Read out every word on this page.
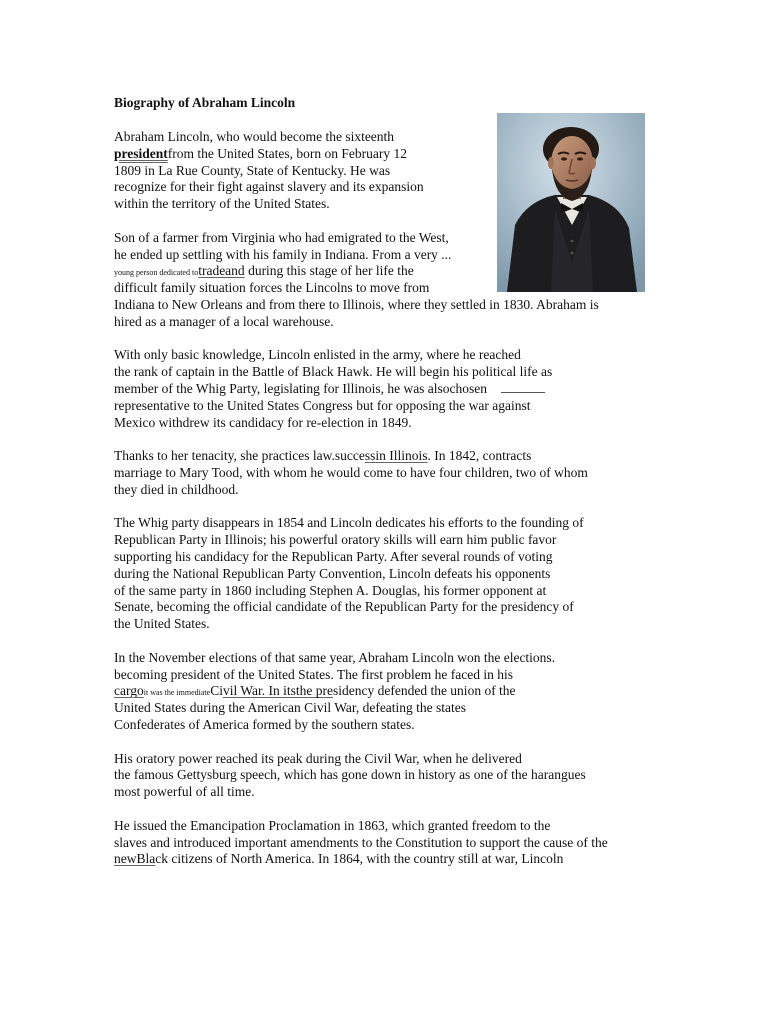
Biography of Abraham Lincoln
Abraham Lincoln, who would become the sixteenth
presidentfrom the United States, born on February 12
1809 in La Rue County, State of Kentucky. He was
recognize for their fight against slavery and its expansion
within the territory of the United States.
Son of a farmer from Virginia who had emigrated to the West,
he ended up settling with his family in Indiana. From a very ...
young person dedicated totradeand during this stage of her life the
difficult family situation forces the Lincolns to move from
Indiana to New Orleans and from there to Illinois, where they settled in 1830. Abraham is
hired as a manager of a local warehouse.
With only basic knowledge, Lincoln enlisted in the army, where he reached
the rank of captain in the Battle of Black Hawk. He will begin his political life as
member of the Whig Party, legislating for Illinois, he was alsochosen
representative to the United States Congress but for opposing the war against
Mexico withdrew its candidacy for re-election in 1849.
Thanks to her tenacity, she practices law.successin Illinois. In 1842, contracts
marriage to Mary Tood, with whom he would come to have four children, two of whom
they died in childhood.
The Whig party disappears in 1854 and Lincoln dedicates his efforts to the founding of
Republican Party in Illinois; his powerful oratory skills will earn him public favor
supporting his candidacy for the Republican Party. After several rounds of voting
during the National Republican Party Convention, Lincoln defeats his opponents
of the same party in 1860 including Stephen A. Douglas, his former opponent at
Senate, becoming the official candidate of the Republican Party for the presidency of
the United States.
In the November elections of that same year, Abraham Lincoln won the elections.
becoming president of the United States. The first problem he faced in his
cargoit was the immediateCivil War. In itsthe presidency defended the union of the
United States during the American Civil War, defeating the states
Confederates of America formed by the southern states.
His oratory power reached its peak during the Civil War, when he delivered
the famous Gettysburg speech, which has gone down in history as one of the harangues
most powerful of all time.
He issued the Emancipation Proclamation in 1863, which granted freedom to the
slaves and introduced important amendments to the Constitution to support the cause of the
newBlack citizens of North America. In 1864, with the country still at war, Lincoln
